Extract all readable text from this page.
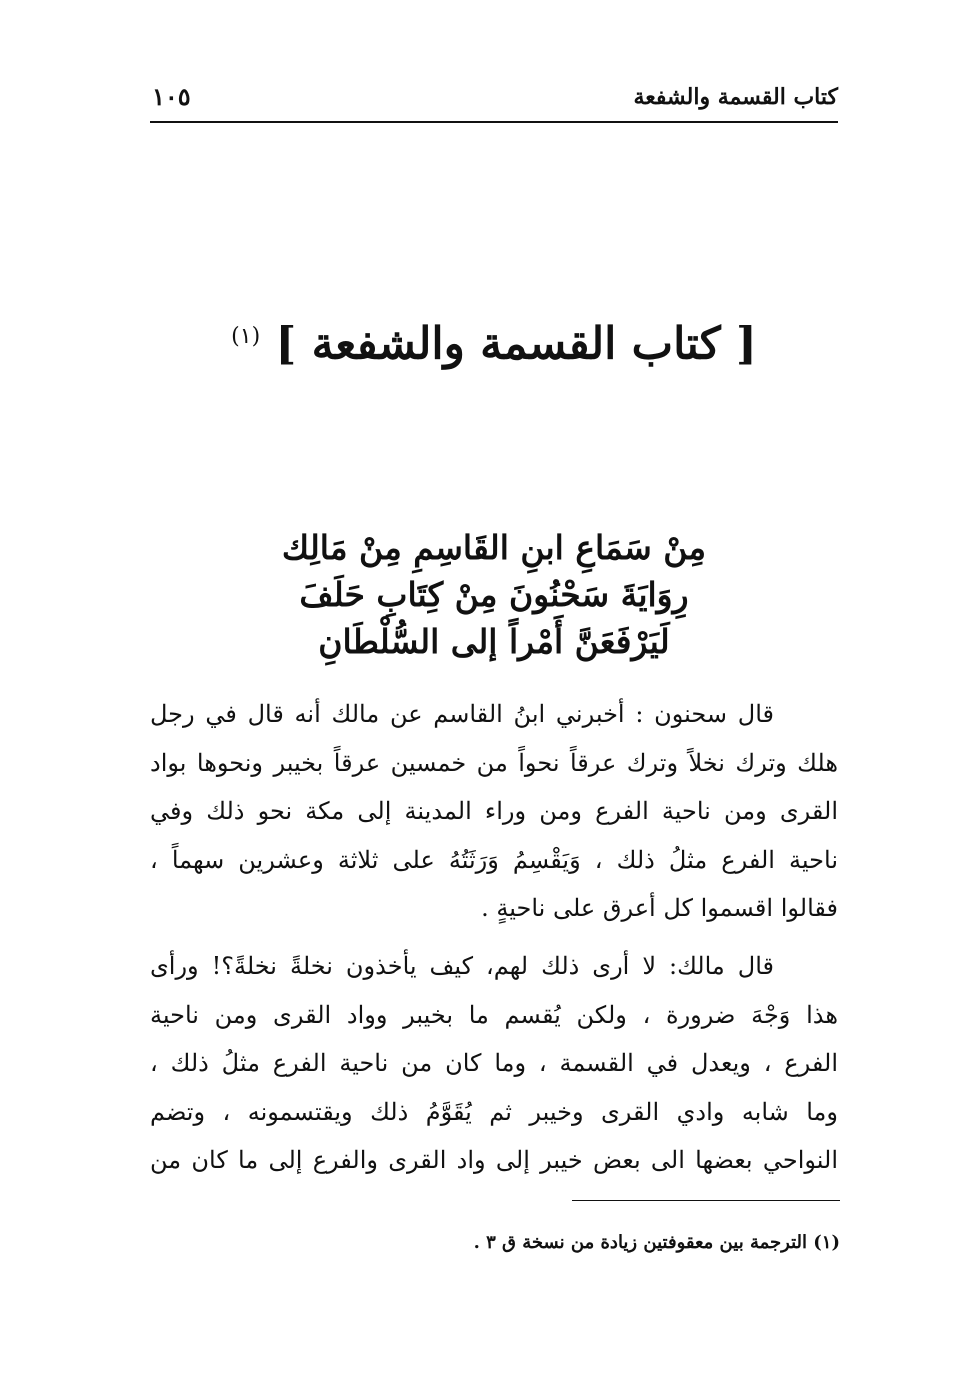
كتاب القسمة والشفعة
١٠٥
[ كتاب القسمة والشفعة ] $^{(١)}$
مِنْ سَمَاعِ ابنِ القَاسِمِ مِنْ مَالِك
رِوَايَةَ سَحْنُونَ مِنْ كِتَابِ حَلَفَ
لَيَرْفَعَنَّ أَمْراً إلى السُّلْطَانِ
قال سحنون : أخبرني ابنُ القاسم عن مالك أنه قال في رجل
هلك وترك نخلاً وترك عرقاً نحواً من خمسين عرقاً بخيبر ونحوها بواد
القرى ومن ناحية الفرع ومن وراء المدينة إلى مكة نحو ذلك وفي
ناحية الفرع مثلُ ذلك ، وَيَقْسِمُ وَرَثَتُهُ على ثلاثة وعشرين سهماً ،
فقالوا اقسموا كل أعرق على ناحيةٍ .
قال مالك: لا أرى ذلك لهم، كيف يأخذون نخلةً نخلةً؟! ورأى
هذا وَجْهَ ضرورة ، ولكن يُقسم ما بخيبر وواد القرى ومن ناحية
الفرع ، ويعدل في القسمة ، وما كان من ناحية الفرع مثلُ ذلك ،
وما شابه وادي القرى وخيبر ثم يُقَوَّمُ ذلك ويقتسمونه ، وتضم
النواحي بعضها الى بعض خيبر إلى واد القرى والفرع إلى ما كان من
(١) الترجمة بين معقوفتين زيادة من نسخة ق ٣ .
